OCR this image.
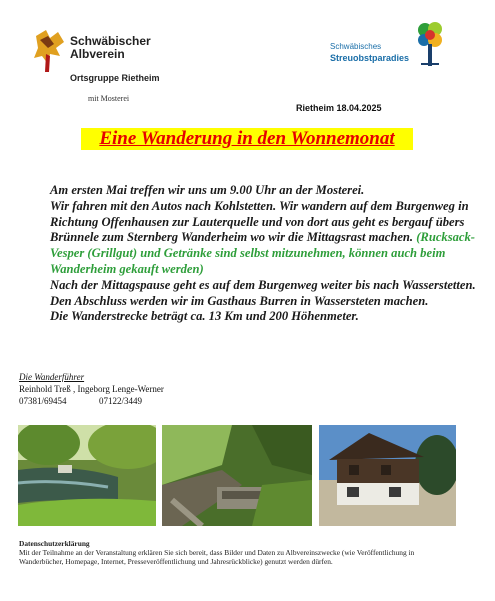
Schwäbischer
Albverein
Ortsgruppe Rietheim
mit Mosterei
Schwäbisches
Streuobstparadies
Rietheim 18.04.2025
Eine Wanderung in den Wonnemonat

Am ersten Mai treffen wir uns um 9.00 Uhr an der Mosterei.

Wir fahren mit den Autos nach Kohlstetten. Wir wandern auf dem Burgenweg in Richtung Offenhausen zur Lauterquelle und von dort aus geht es bergauf übers Brünnele zum Sternberg Wanderheim wo wir die Mittagsrast machen. (Rucksack-Vesper (Grillgut) und Getränke sind selbst mitzunehmen, können auch beim Wanderheim gekauft werden)

Nach der Mittagspause geht es auf dem Burgenweg weiter bis nach Wasserstetten.

Den Abschluss werden wir im Gasthaus Burren in Wassersteten machen.

Die Wanderstrecke beträgt ca. 13 Km und 200 Höhenmeter.

Die Wanderführer
Reinhold Treß , Ingeborg Lenge-Werner
07381/69454	07122/3449
Datenschutzerklärung
Mit der Teilnahme an der Veranstaltung erklären Sie sich bereit, dass Bilder und Daten zu Albvereinszwecke (wie Veröffentlichung in Wanderbücher, Homepage, Internet, Presseveröffentlichung und Jahresrückblicke) genutzt werden dürfen.
